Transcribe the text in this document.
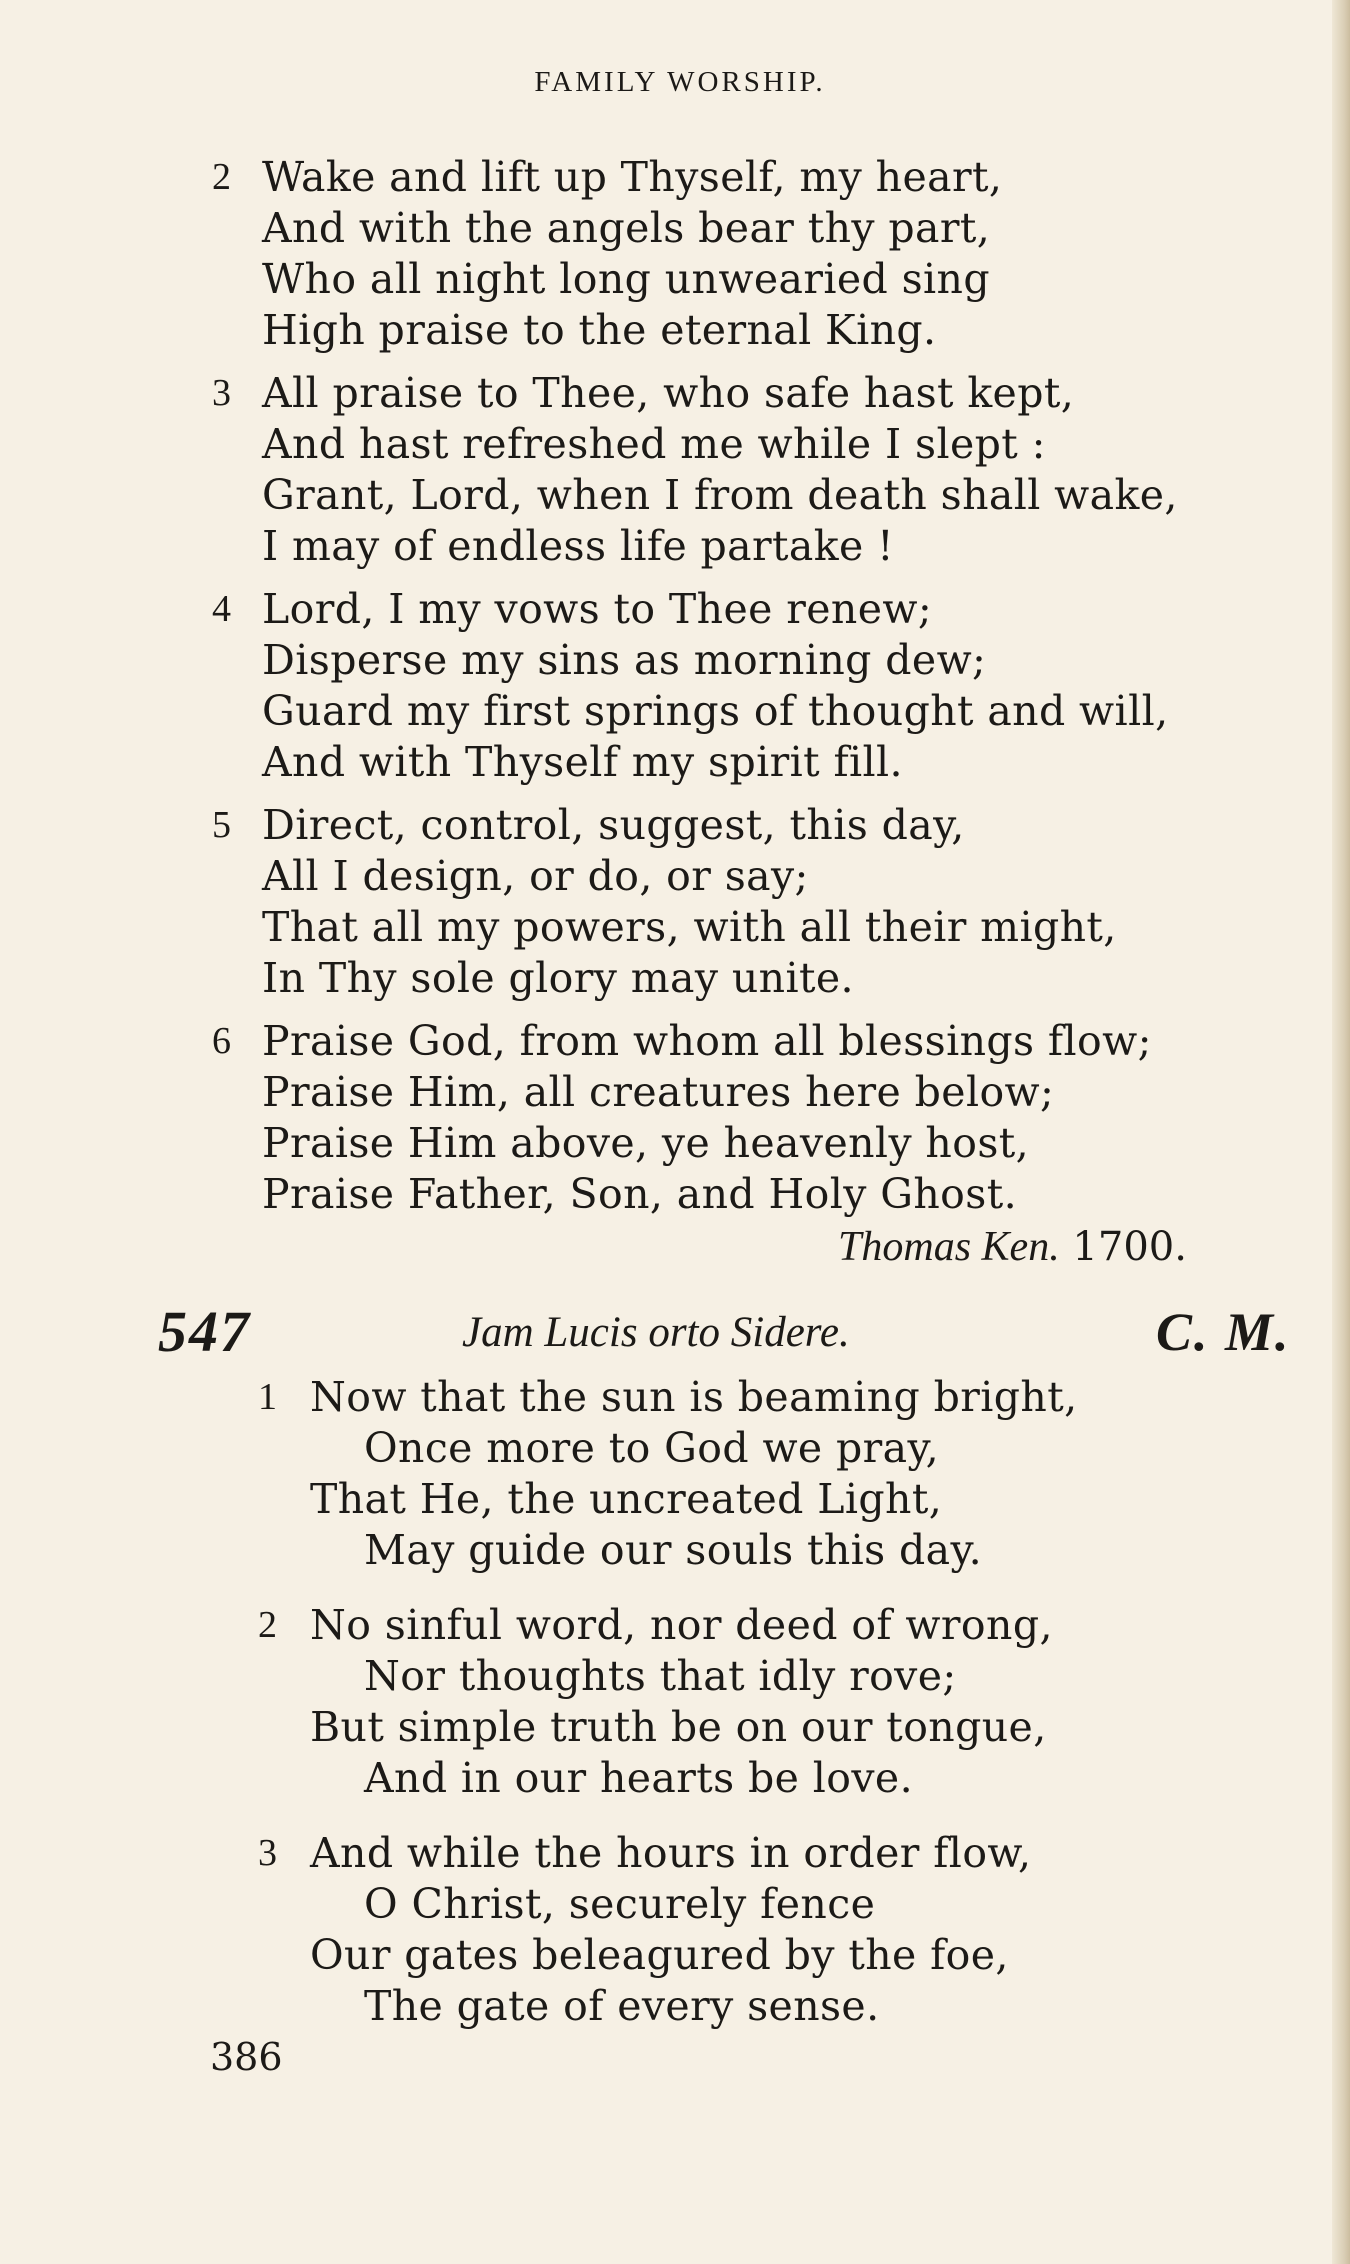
FAMILY WORSHIP.
2 Wake and lift up Thyself, my heart,
And with the angels bear thy part,
Who all night long unwearied sing
High praise to the eternal King.
3 All praise to Thee, who safe hast kept,
And hast refreshed me while I slept :
Grant, Lord, when I from death shall wake,
I may of endless life partake !
4 Lord, I my vows to Thee renew;
Disperse my sins as morning dew;
Guard my first springs of thought and will,
And with Thyself my spirit fill.
5 Direct, control, suggest, this day,
All I design, or do, or say;
That all my powers, with all their might,
In Thy sole glory may unite.
6 Praise God, from whom all blessings flow;
Praise Him, all creatures here below;
Praise Him above, ye heavenly host,
Praise Father, Son, and Holy Ghost.
Thomas Ken. 1700.
547	Jam Lucis orto Sidere.	C. M.
1 Now that the sun is beaming bright,
Once more to God we pray,
That He, the uncreated Light,
May guide our souls this day.
2 No sinful word, nor deed of wrong,
Nor thoughts that idly rove;
But simple truth be on our tongue,
And in our hearts be love.
3 And while the hours in order flow,
O Christ, securely fence
Our gates beleagured by the foe,
The gate of every sense.
386
